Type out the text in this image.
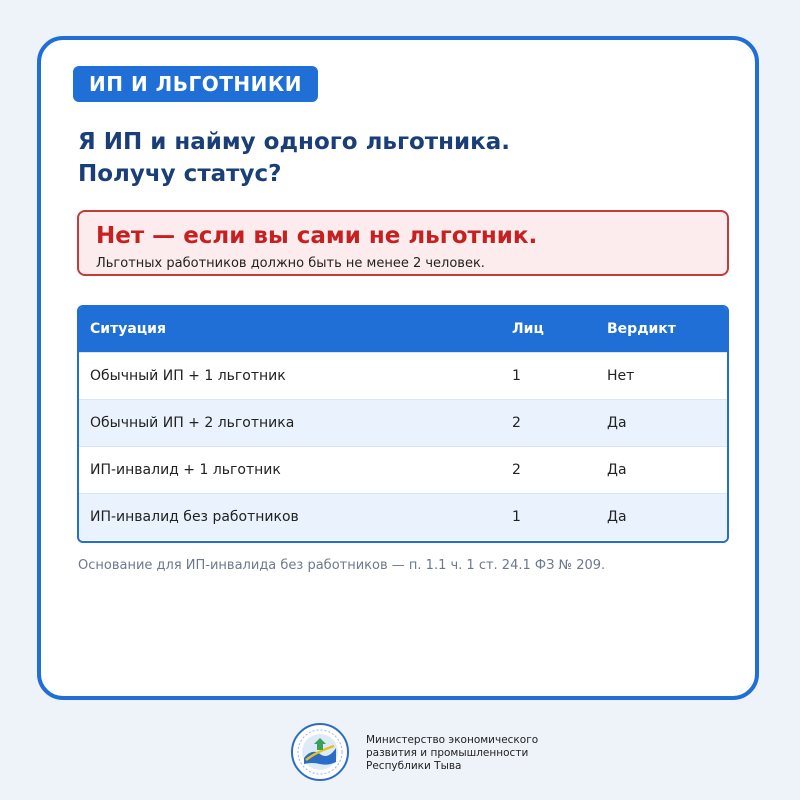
ИП И ЛЬГОТНИКИ
Я ИП и найму одного льготника.
Получу статус?
Нет — если вы сами не льготник.
Льготных работников должно быть не менее 2 человек.
Ситуация	Лиц	Вердикт
Обычный ИП + 1 льготник	1	Нет
Обычный ИП + 2 льготника	2	Да
ИП-инвалид + 1 льготник	2	Да
ИП-инвалид без работников	1	Да
Основание для ИП-инвалида без работников — п. 1.1 ч. 1 ст. 24.1 ФЗ № 209.
Министерство экономического
развития и промышленности
Республики Тыва
